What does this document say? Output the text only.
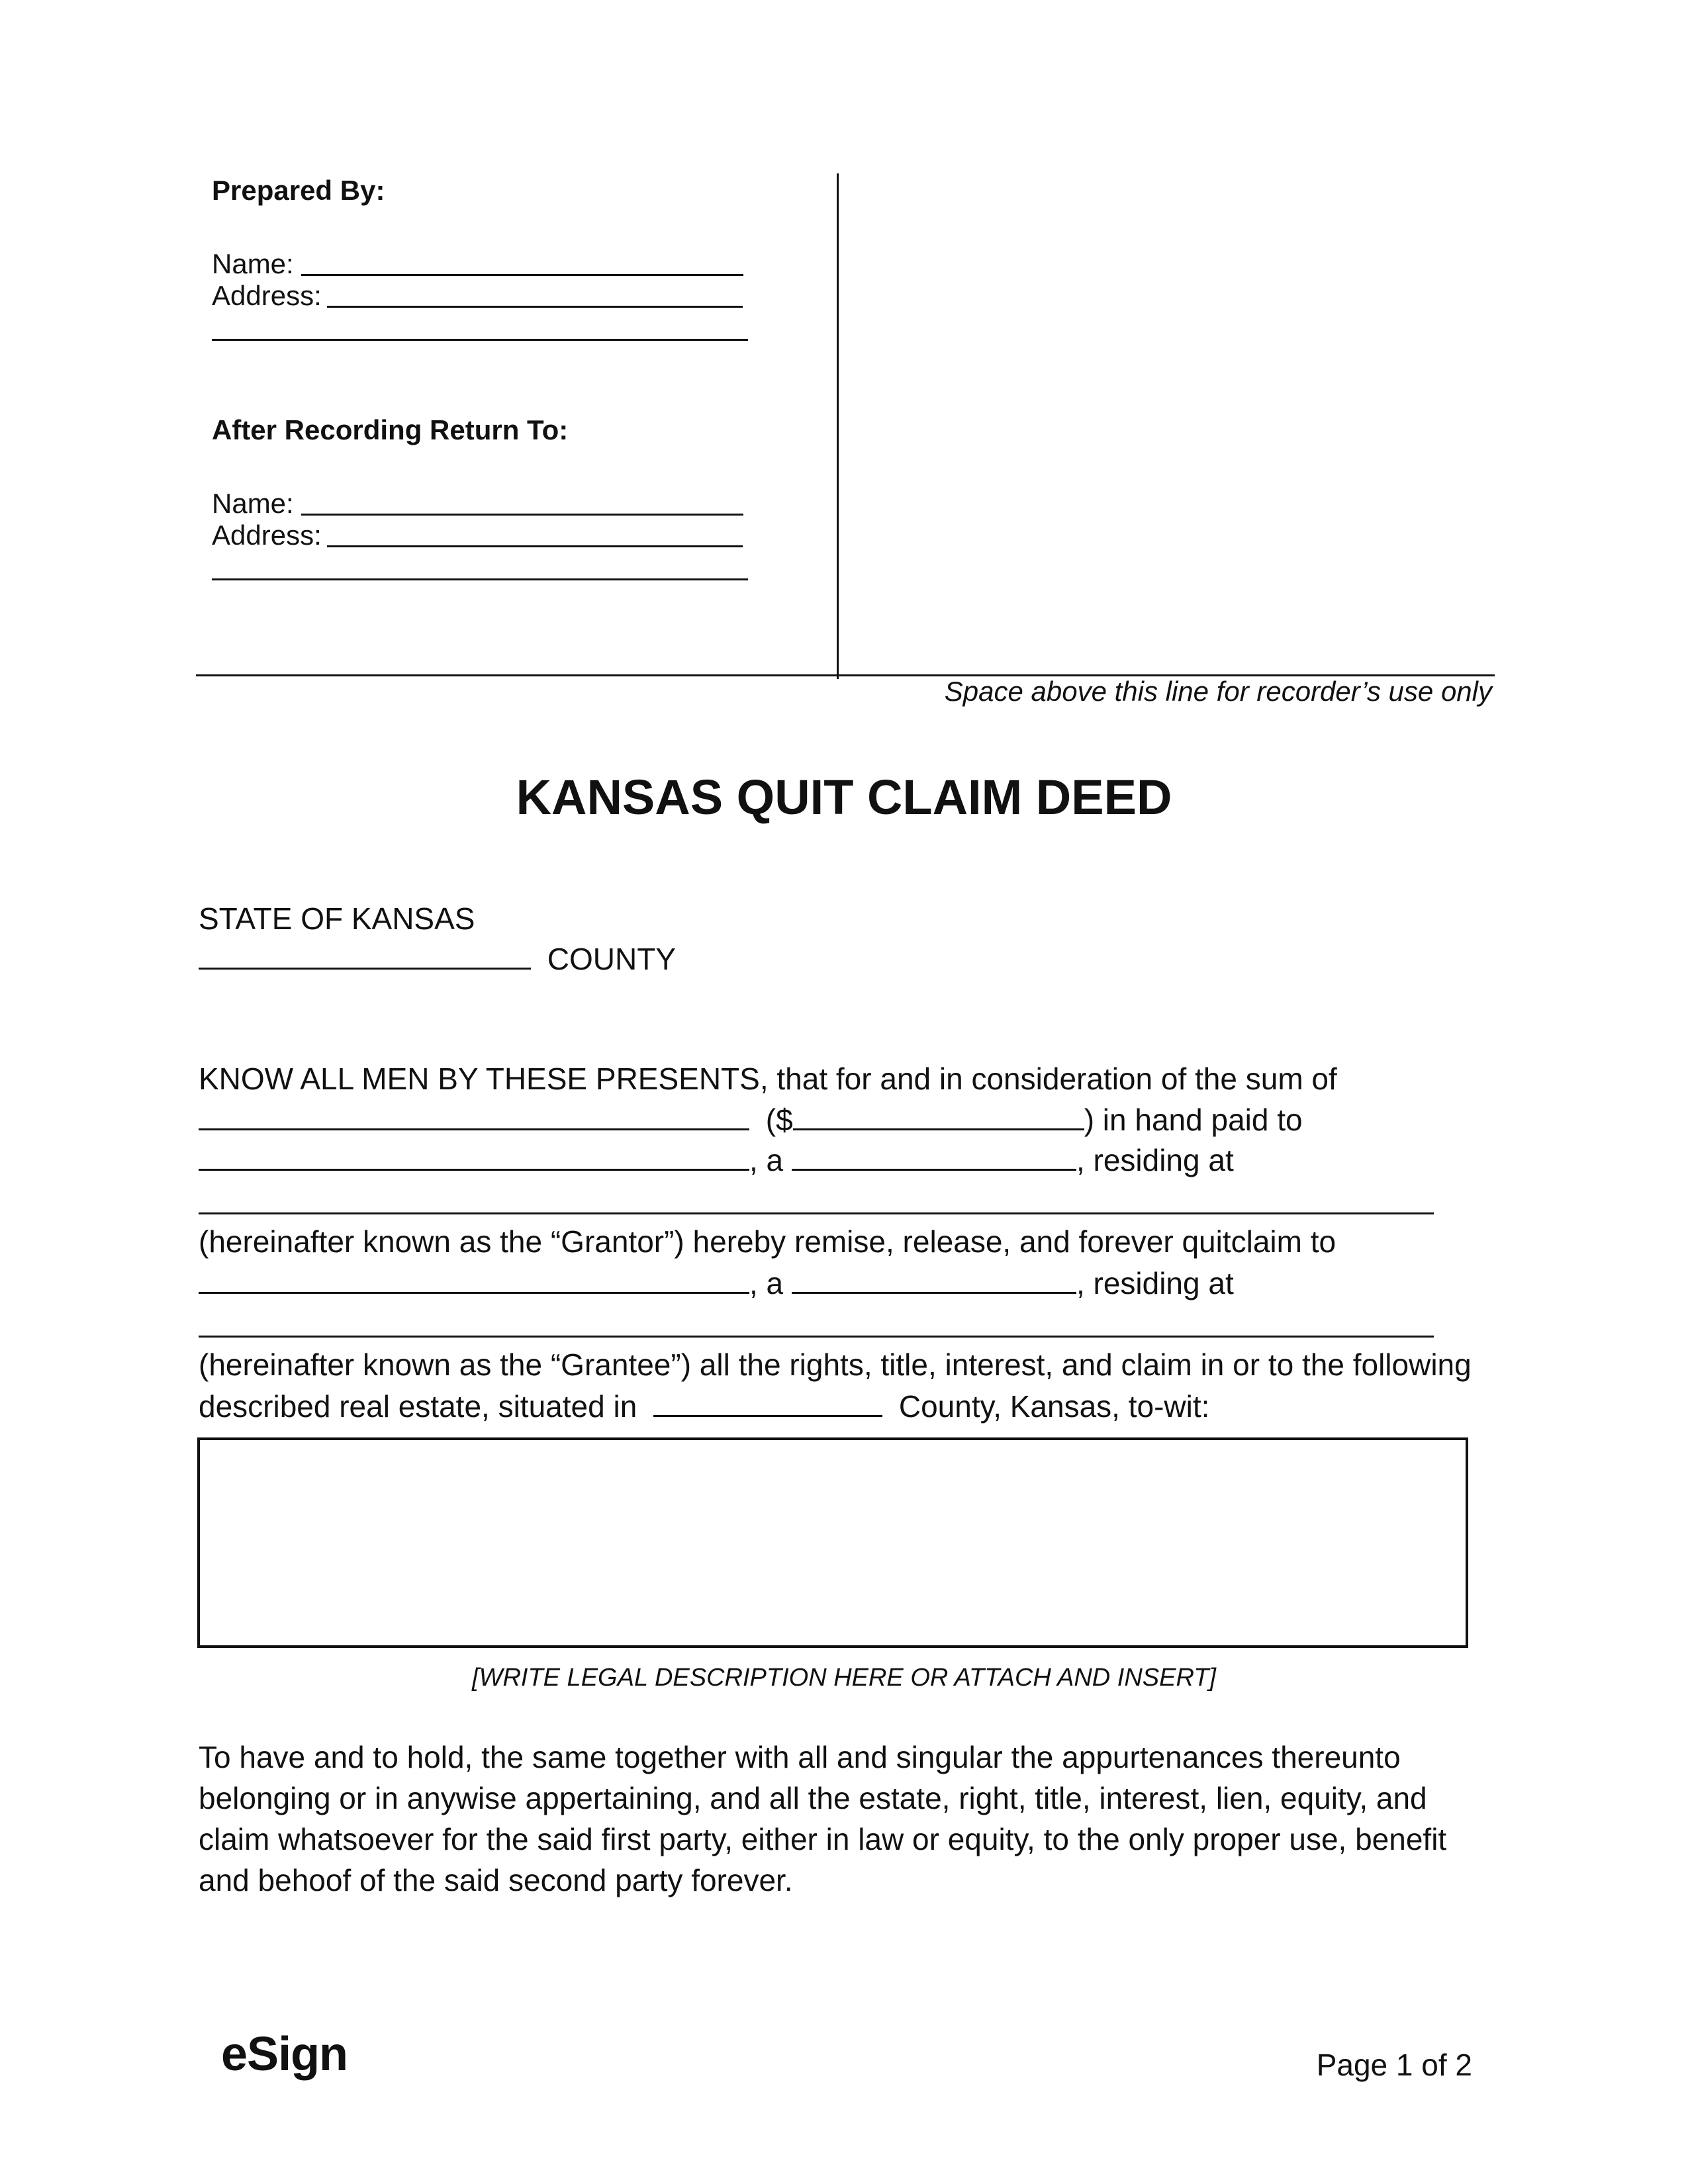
Prepared By:
Name:
Address:
After Recording Return To:
Name:
Address:
Space above this line for recorder’s use only
KANSAS QUIT CLAIM DEED
STATE OF KANSAS
COUNTY
KNOW ALL MEN BY THESE PRESENTS, that for and in consideration of the sum of
($	) in hand paid to
, a	, residing at
(hereinafter known as the “Grantor”) hereby remise, release, and forever quitclaim to
, a	, residing at
(hereinafter known as the “Grantee”) all the rights, title, interest, and claim in or to the following
described real estate, situated in	County, Kansas, to-wit:
[WRITE LEGAL DESCRIPTION HERE OR ATTACH AND INSERT]
To have and to hold, the same together with all and singular the appurtenances thereunto belonging or in anywise appertaining, and all the estate, right, title, interest, lien, equity, and claim whatsoever for the said first party, either in law or equity, to the only proper use, benefit and behoof of the said second party forever.
eSign	Page 1 of 2
